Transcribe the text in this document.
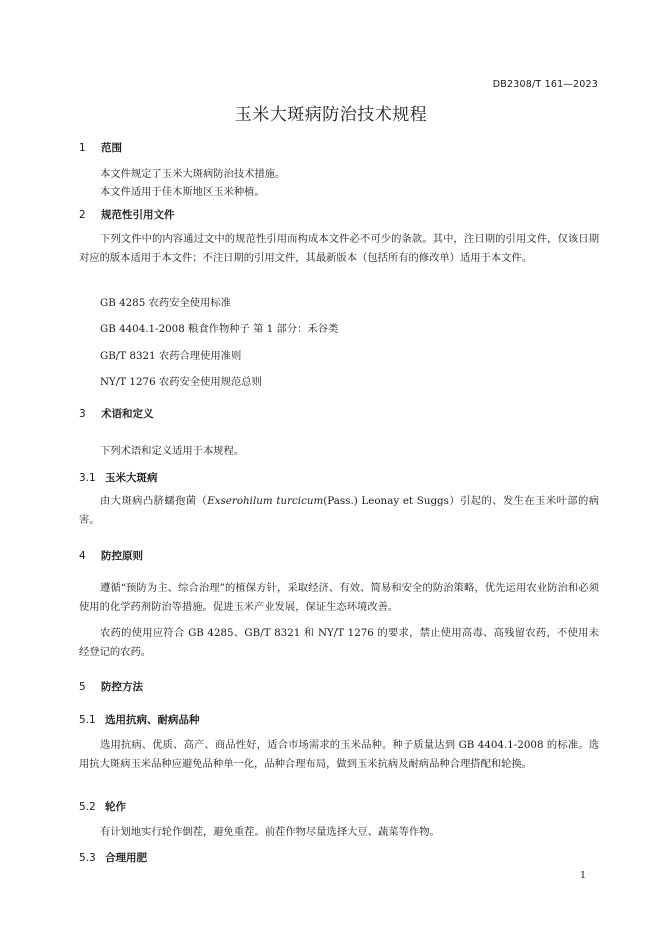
DB2308/T 161—2023
玉米大斑病防治技术规程
1 范围
本文件规定了玉米大斑病防治技术措施。
本文件适用于佳木斯地区玉米种植。
2 规范性引用文件
下列文件中的内容通过文中的规范性引用而构成本文件必不可少的条款。其中，注日期的引用文件，仅该日期对应的版本适用于本文件；不注日期的引用文件，其最新版本（包括所有的修改单）适用于本文件。
GB 4285 农药安全使用标准
GB 4404.1-2008 粮食作物种子 第 1 部分：禾谷类
GB/T 8321 农药合理使用准则
NY/T 1276 农药安全使用规范总则
3 术语和定义
下列术语和定义适用于本规程。
3.1 玉米大斑病
由大斑病凸脐蠕孢菌（Exserohilum turcicum(Pass.) Leonay et Suggs）引起的、发生在玉米叶部的病害。
4 防控原则
遵循“预防为主、综合治理”的植保方针，采取经济、有效、简易和安全的防治策略，优先运用农业防治和必须使用的化学药剂防治等措施。促进玉米产业发展，保证生态环境改善。
农药的使用应符合 GB 4285、GB/T 8321 和 NY/T 1276 的要求，禁止使用高毒、高残留农药，不使用未经登记的农药。
5 防控方法
5.1 选用抗病、耐病品种
选用抗病、优质、高产、商品性好，适合市场需求的玉米品种。种子质量达到 GB 4404.1-2008 的标准。选用抗大斑病玉米品种应避免品种单一化，品种合理布局，做到玉米抗病及耐病品种合理搭配和轮换。
5.2 轮作
有计划地实行轮作倒茬，避免重茬。前茬作物尽量选择大豆、蔬菜等作物。
5.3 合理用肥
1
